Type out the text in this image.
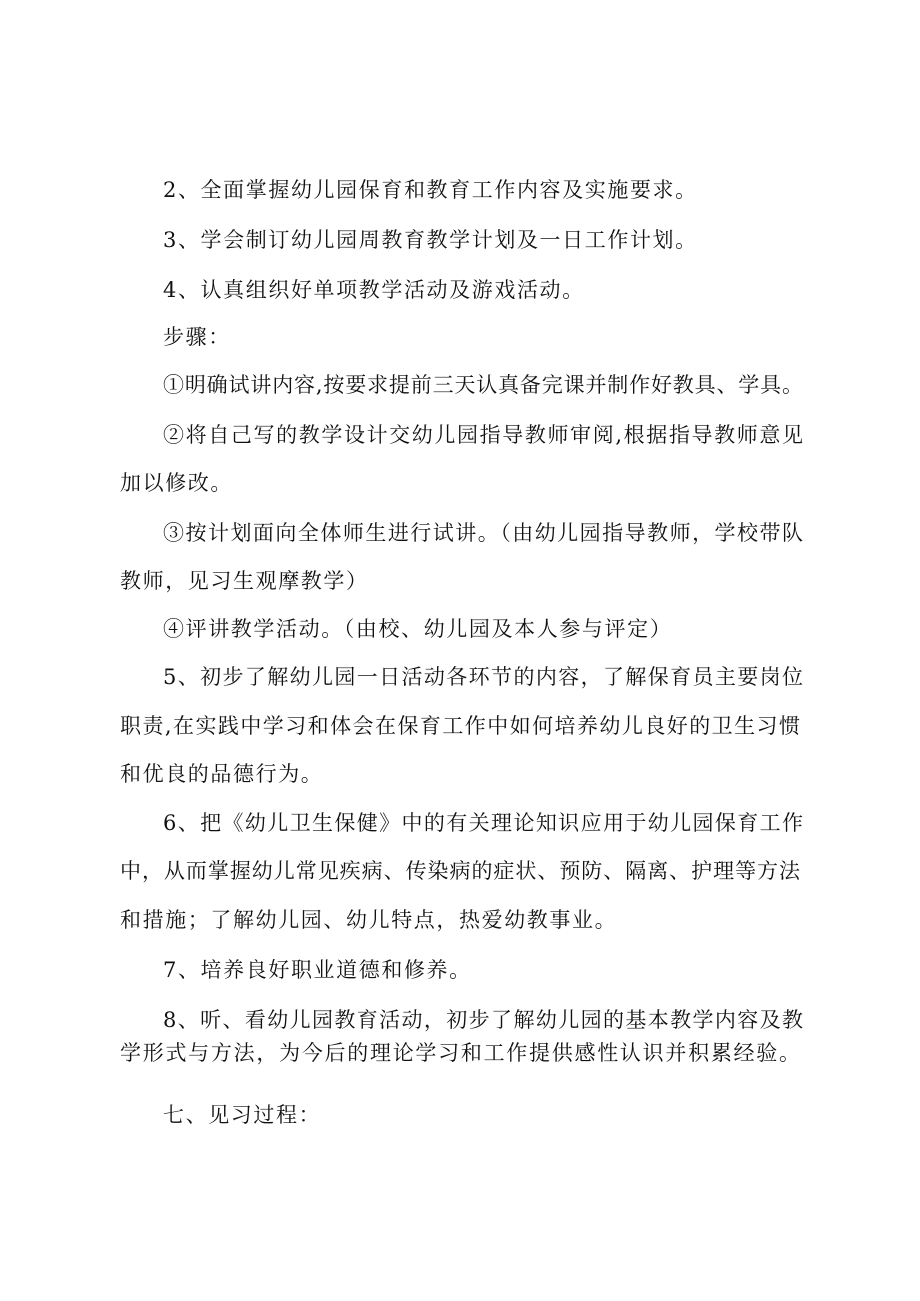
2、全面掌握幼儿园保育和教育工作内容及实施要求。
3、学会制订幼儿园周教育教学计划及一日工作计划。
4、认真组织好单项教学活动及游戏活动。
步骤：
①明确试讲内容,按要求提前三天认真备完课并制作好教具、学具。
②将自己写的教学设计交幼儿园指导教师审阅,根据指导教师意见
加以修改。
③按计划面向全体师生进行试讲。（由幼儿园指导教师，学校带队
教师，见习生观摩教学）
④评讲教学活动。（由校、幼儿园及本人参与评定）
5、初步了解幼儿园一日活动各环节的内容，了解保育员主要岗位
职责,在实践中学习和体会在保育工作中如何培养幼儿良好的卫生习惯
和优良的品德行为。
6、把《幼儿卫生保健》中的有关理论知识应用于幼儿园保育工作
中，从而掌握幼儿常见疾病、传染病的症状、预防、隔离、护理等方法
和措施；了解幼儿园、幼儿特点，热爱幼教事业。
7、培养良好职业道德和修养。
8、听、看幼儿园教育活动，初步了解幼儿园的基本教学内容及教
学形式与方法，为今后的理论学习和工作提供感性认识并积累经验。
七、见习过程：
